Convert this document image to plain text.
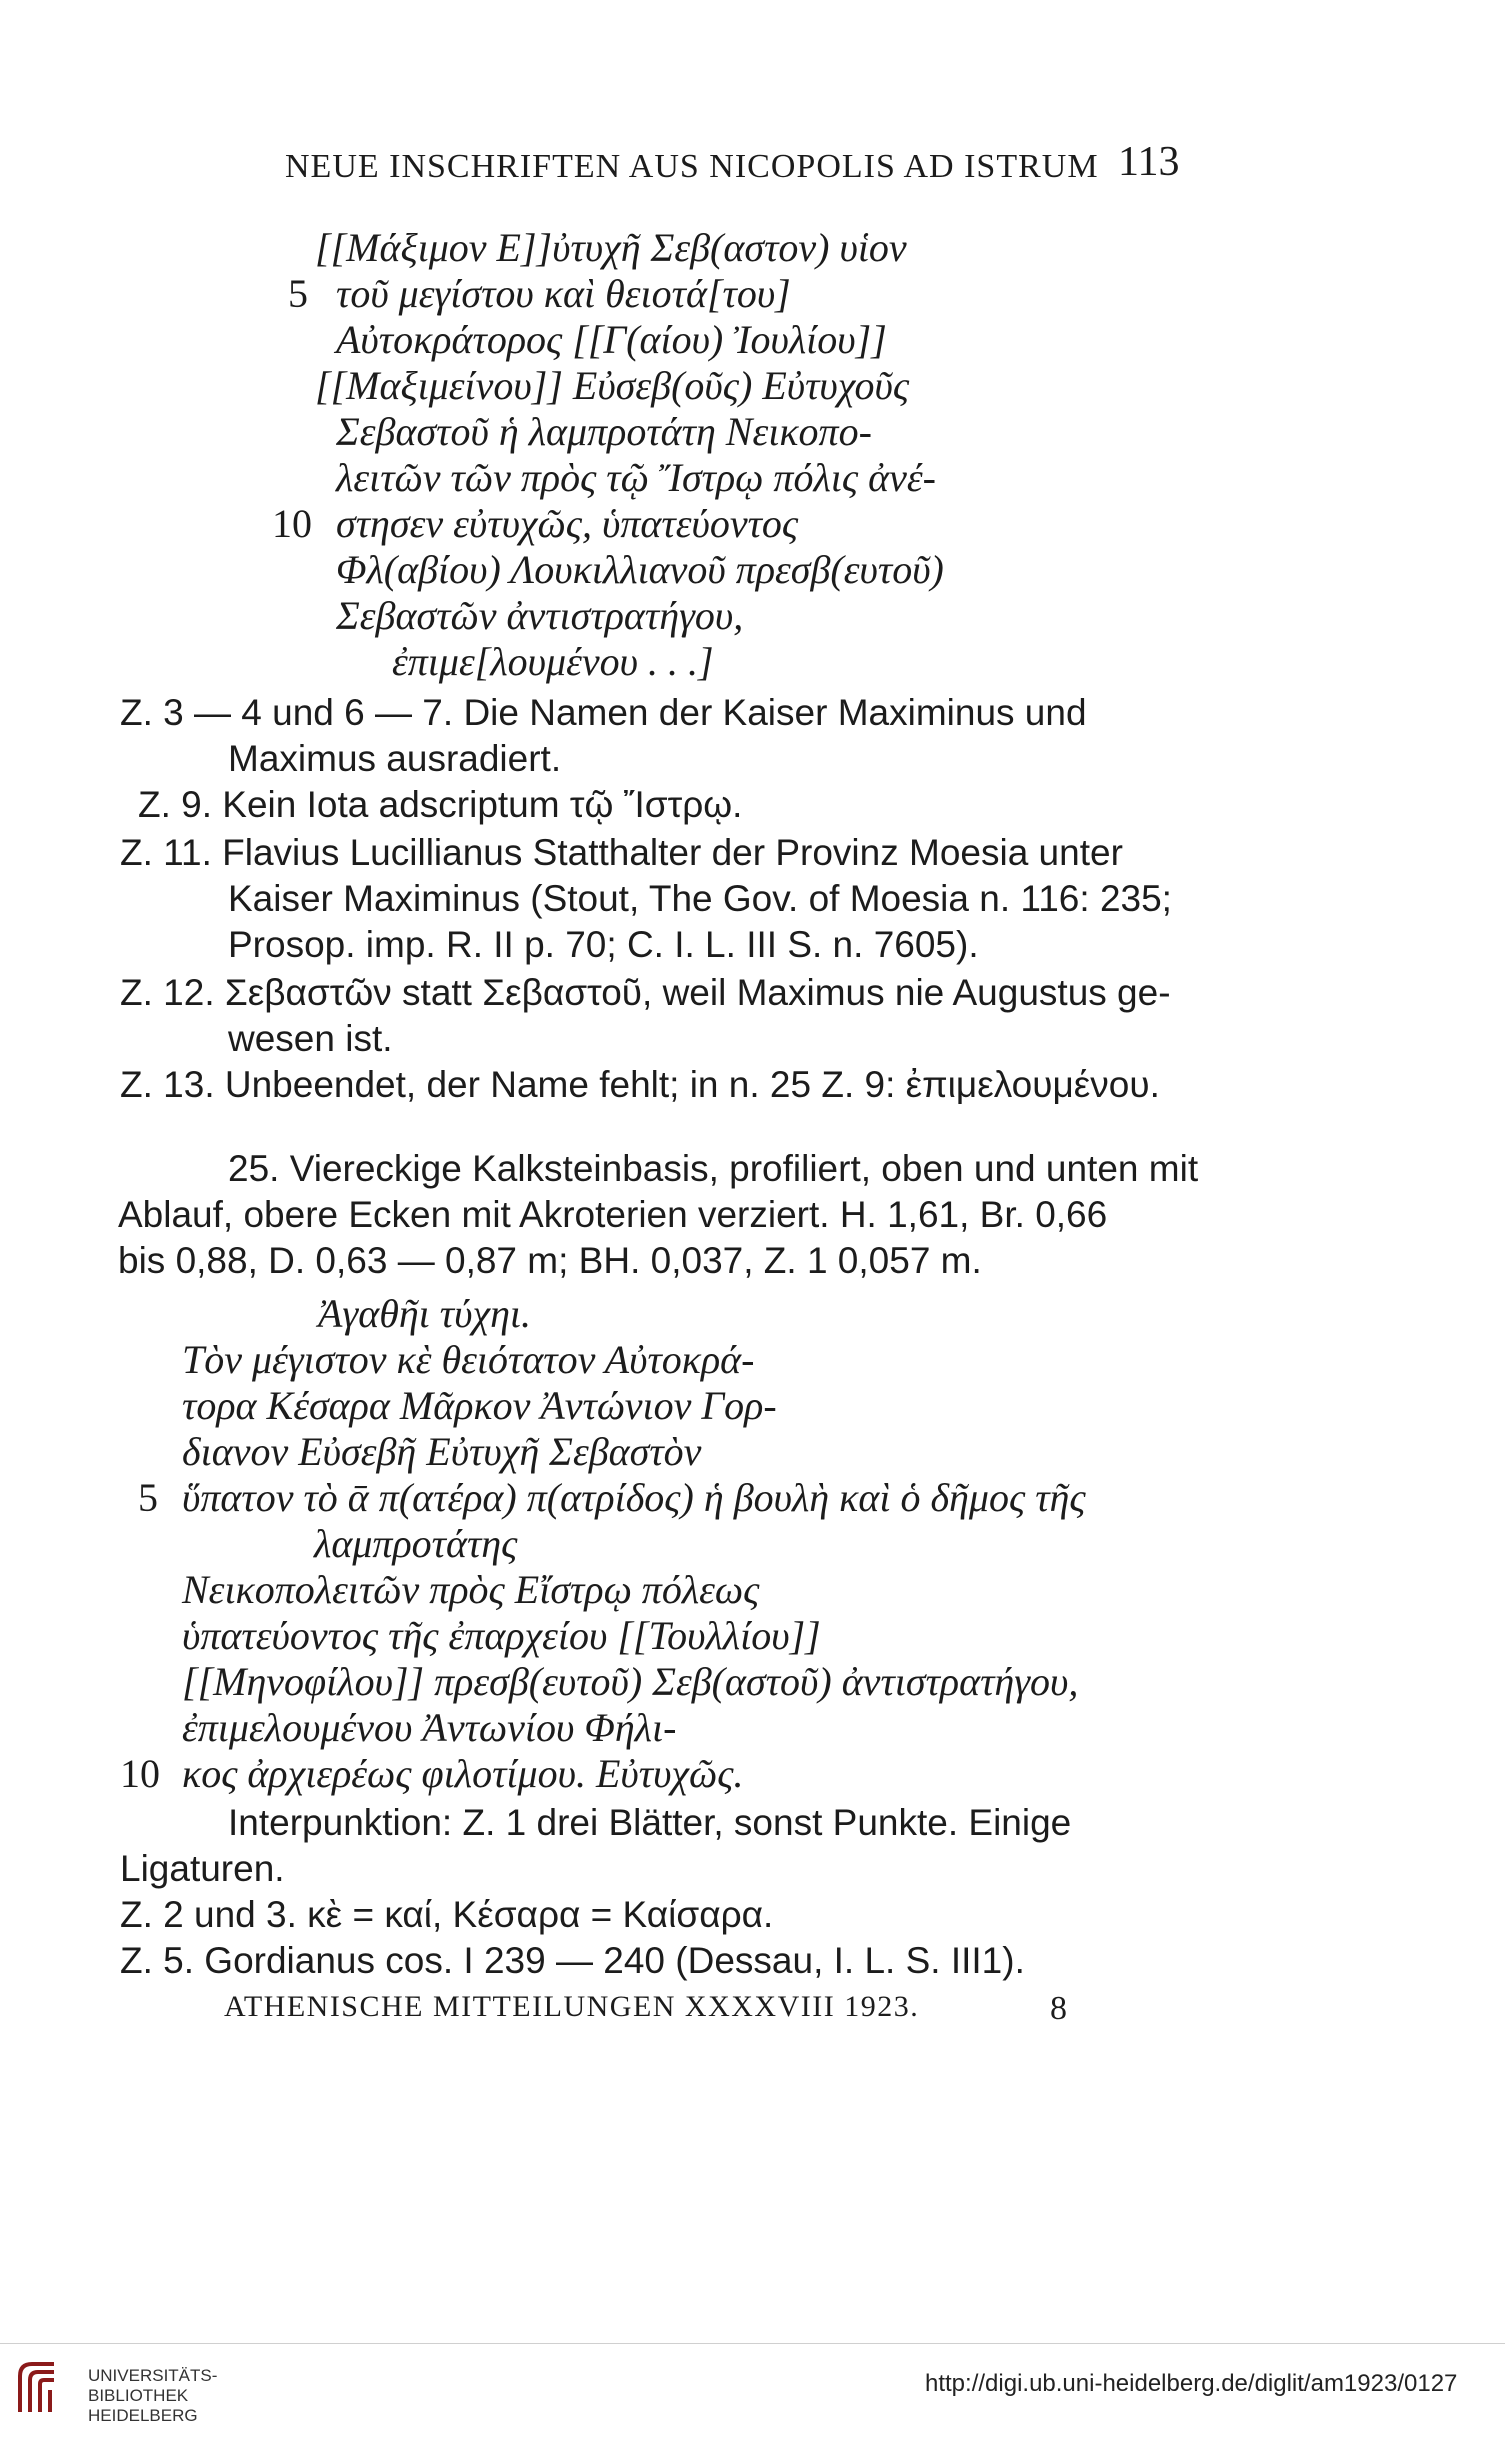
NEUE INSCHRIFTEN AUS NICOPOLIS AD ISTRUM 113
[[Μάξιμον Ε]]ὐτυχῆ Σεβ(αστον) υἱον
5 τοῦ μεγίστου καὶ θειοτά[του]
Αὐτοκράτορος [[Γ(αίου) Ἰουλίου]]
[[Μαξιμείνου]] Εὐσεβ(οῦς) Εὐτυχοῦς
Σεβαστοῦ ἡ λαμπροτάτη Νεικοπο-
λειτῶν τῶν πρὸς τῷ Ἴστρῳ πόλις ἀνέ-
10 στησεν εὐτυχῶς, ὑπατεύοντος
Φλ(αβίου) Λουκιλλιανοῦ πρεσβ(ευτοῦ)
Σεβαστῶν ἀντιστρατήγου,
ἐπιμε[λουμένου . . .]
Z. 3 — 4 und 6 — 7. Die Namen der Kaiser Maximinus und
Maximus ausradiert.
Z. 9. Kein Iota adscriptum τῷ Ἴστρῳ.
Z. 11. Flavius Lucillianus Statthalter der Provinz Moesia unter
Kaiser Maximinus (Stout, The Gov. of Moesia n. 116: 235;
Prosop. imp. R. II p. 70; C. I. L. III S. n. 7605).
Z. 12. Σεβαστῶν statt Σεβαστοῦ, weil Maximus nie Augustus ge-
wesen ist.
Z. 13. Unbeendet, der Name fehlt; in n. 25 Z. 9: ἐπιμελουμένου.
25. Viereckige Kalksteinbasis, profiliert, oben und unten mit
Ablauf, obere Ecken mit Akroterien verziert. H. 1,61, Br. 0,66
bis 0,88, D. 0,63 — 0,87 m; BH. 0,037, Z. 1 0,057 m.
Ἀγαθῆι τύχηι.
Τὸν μέγιστον κὲ θειότατον Αὐτοκρά-
τορα Κέσαρα Μᾶρκον Ἀντώνιον Γορ-
διανον Εὐσεβῆ Εὐτυχῆ Σεβαστὸν
5 ὕπατον τὸ ᾱ π(ατέρα) π(ατρίδος) ἡ βουλὴ καὶ ὁ δῆμος τῆς
λαμπροτάτης
Νεικοπολειτῶν πρὸς Εἴστρῳ πόλεως
ὑπατεύοντος τῆς ἐπαρχείου [[Τουλλίου]]
[[Μηνοφίλου]] πρεσβ(ευτοῦ) Σεβ(αστοῦ) ἀντιστρατήγου,
ἐπιμελουμένου Ἀντωνίου Φήλι-
10 κος ἀρχιερέως φιλοτίμου. Εὐτυχῶς.
Interpunktion: Z. 1 drei Blätter, sonst Punkte. Einige
Ligaturen.
Z. 2 und 3. κὲ = καί, Κέσαρα = Καίσαρα.
Z. 5. Gordianus cos. I 239 — 240 (Dessau, I. L. S. III1).
ATHENISCHE MITTEILUNGEN XXXXVIII 1923.	8
UNIVERSITÄTS-
BIBLIOTHEK
HEIDELBERG
http://digi.ub.uni-heidelberg.de/diglit/am1923/0127
